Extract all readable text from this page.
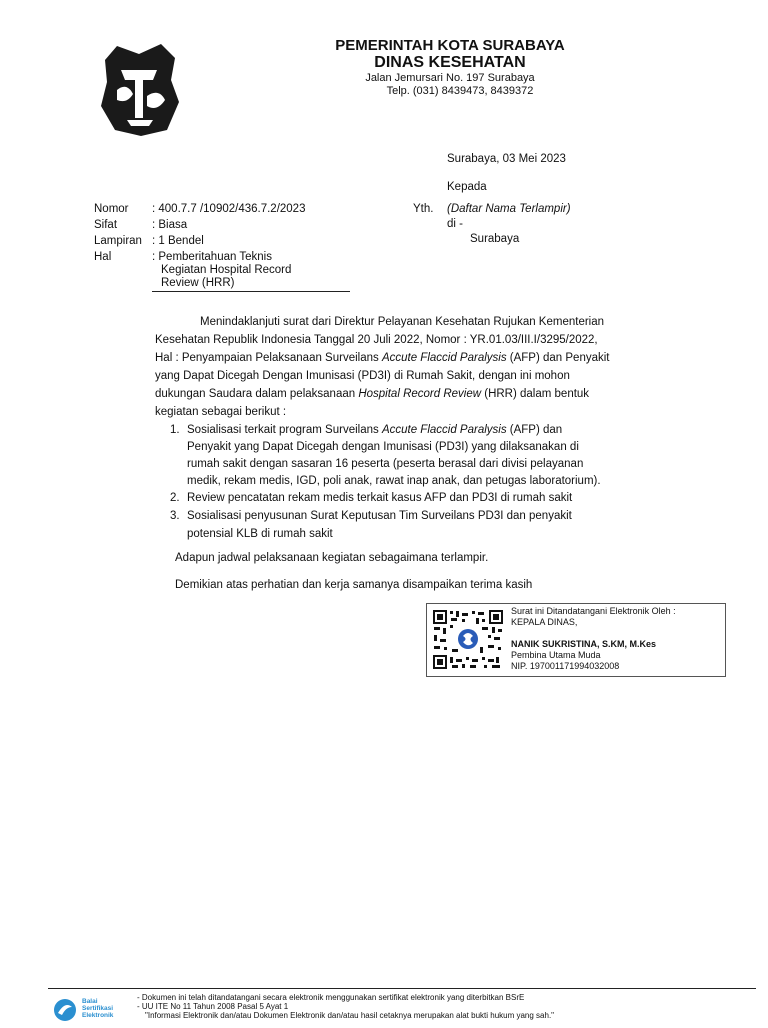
PEMERINTAH KOTA SURABAYA
DINAS KESEHATAN
Jalan Jemursari No. 197 Surabaya
Telp. (031) 8439473, 8439372
Surabaya, 03 Mei 2023
Kepada
Yth. (Daftar Nama Terlampir)
di -
Surabaya
Nomor	: 400.7.7 /10902/436.7.2/2023
Sifat	: Biasa
Lampiran : 1 Bendel
Hal	: Pemberitahuan Teknis
Kegiatan Hospital Record
Review (HRR)
Menindaklanjuti surat dari Direktur Pelayanan Kesehatan Rujukan Kementerian
Kesehatan Republik Indonesia Tanggal 20 Juli 2022, Nomor : YR.01.03/III.I/3295/2022,
Hal : Penyampaian Pelaksanaan Surveilans Accute Flaccid Paralysis (AFP) dan Penyakit
yang Dapat Dicegah Dengan Imunisasi (PD3I) di Rumah Sakit, dengan ini mohon
dukungan Saudara dalam pelaksanaan Hospital Record Review (HRR) dalam bentuk
kegiatan sebagai berikut :
1. Sosialisasi terkait program Surveilans Accute Flaccid Paralysis (AFP) dan
Penyakit yang Dapat Dicegah dengan Imunisasi (PD3I) yang dilaksanakan di
rumah sakit dengan sasaran 16 peserta (peserta berasal dari divisi pelayanan
medik, rekam medis, IGD, poli anak, rawat inap anak, dan petugas laboratorium).
2. Review pencatatan rekam medis terkait kasus AFP dan PD3I di rumah sakit
3. Sosialisasi penyusunan Surat Keputusan Tim Surveilans PD3I dan penyakit
potensial KLB di rumah sakit
Adapun jadwal pelaksanaan kegiatan sebagaimana terlampir.
Demikian atas perhatian dan kerja samanya disampaikan terima kasih
Surat ini Ditandatangani Elektronik Oleh :
KEPALA DINAS,
NANIK SUKRISTINA, S.KM, M.Kes
Pembina Utama Muda
NIP. 197001171994032008
Balai
Sertifikasi
Elektronik
- Dokumen ini telah ditandatangani secara elektronik menggunakan sertifikat elektronik yang diterbitkan BSrE
- UU ITE No 11 Tahun 2008 Pasal 5 Ayat 1
"Informasi Elektronik dan/atau Dokumen Elektronik dan/atau hasil cetaknya merupakan alat bukti hukum yang sah."
